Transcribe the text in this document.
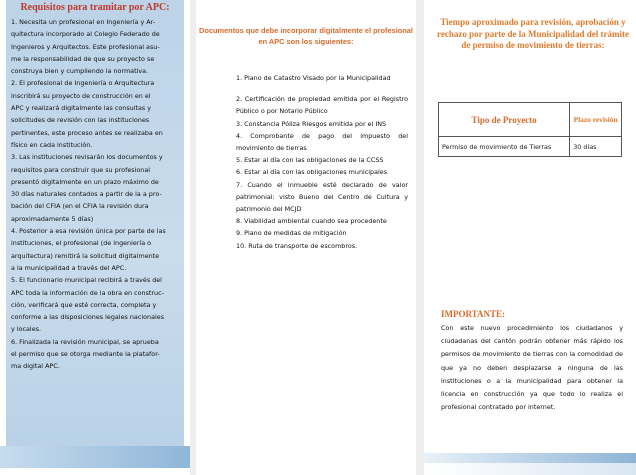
Requisitos para tramitar por APC:

1. Necesita un profesional en Ingeniería y Ar-

quitectura incorporado al Colegio Federado de

Ingenieros y Arquitectos. Este profesional asu-

me la responsabilidad de que su proyecto se

construya bien y cumpliendo la normativa.

2. El profesional de Ingeniería o Arquitectura

inscribirá su proyecto de construcción en el

APC y realizará digitalmente las consultas y

solicitudes de revisión con las instituciones

pertinentes, este proceso antes se realizaba en

físico en cada institución.

3. Las instituciones revisarán los documentos y

requisitos para construir que su profesional

presentó digitalmente en un plazo máximo de

30 días naturales contados a partir de la a pro-

bación del CFIA (en el CFIA la revisión dura

aproximadamente 5 días)

4. Posterior a esa revisión única por parte de las

instituciones, el profesional (de ingeniería o

arquitectura) remitirá la solicitud digitalmente

a la municipalidad a través del APC.

5. El funcionario municipal recibirá a través del

APC toda la información de la obra en construc-

ción, verificará que esté correcta, completa y

conforme a las disposiciones legales nacionales

y locales.

6. Finalizada la revisión municipal, se aprueba

el permiso que se otorga mediante la platafor-

ma digital APC.

Documentos que debe incorporar digitalmente el profesional en APC son los siguientes:
1. Plano de Catastro Visado por la Municipalidad
2. Certificación de propiedad emitida por el Registro Público o por Notario Público
3. Constancia Póliza Riesgos emitida por el INS
4. Comprobante de pago del impuesto del movimiento de tierras
5. Estar al día con las obligaciones de la CCSS
6. Estar al día con las obligaciones municipales
7. Cuando el inmueble esté declarado de valor patrimonial: visto Bueno del Centro de Cultura y patrimonio del MCJD
8. Viabilidad ambiental cuando sea procedente
9. Plano de medidas de mitigación
10. Ruta de transporte de escombros.
Tiempo aproximado para revisión, aprobación y rechazo por parte de la Municipalidad del trámite de permiso de movimiento de tierras:
Tipo de Proyecto	Plazo revisión
Permiso de movimiento de Tierras	30 días
IMPORTANTE:
Con este nuevo procedimiento los ciudadanos y ciudadanas del cantón podrán obtener más rápido los permisos de movimiento de tierras con la comodidad de que ya no deben desplazarse a ninguna de las instituciones o a la municipalidad para obtener la licencia en construcción ya que todo lo realiza el profesional contratado por internet.
